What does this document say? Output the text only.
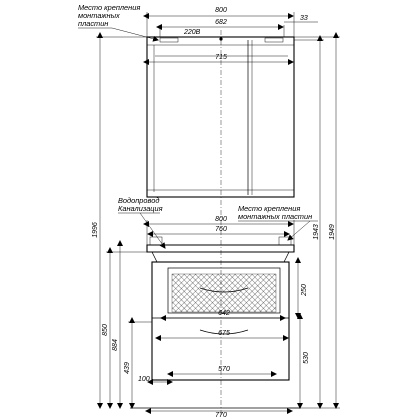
800
682
33
220В
715
Место крепления
монтажных
пластин
800
760
642
675
570
100
770
Водопровод
Канализация	Место крепления
монтажных пластин
1996
850
884
439
250
530
1943 1949
